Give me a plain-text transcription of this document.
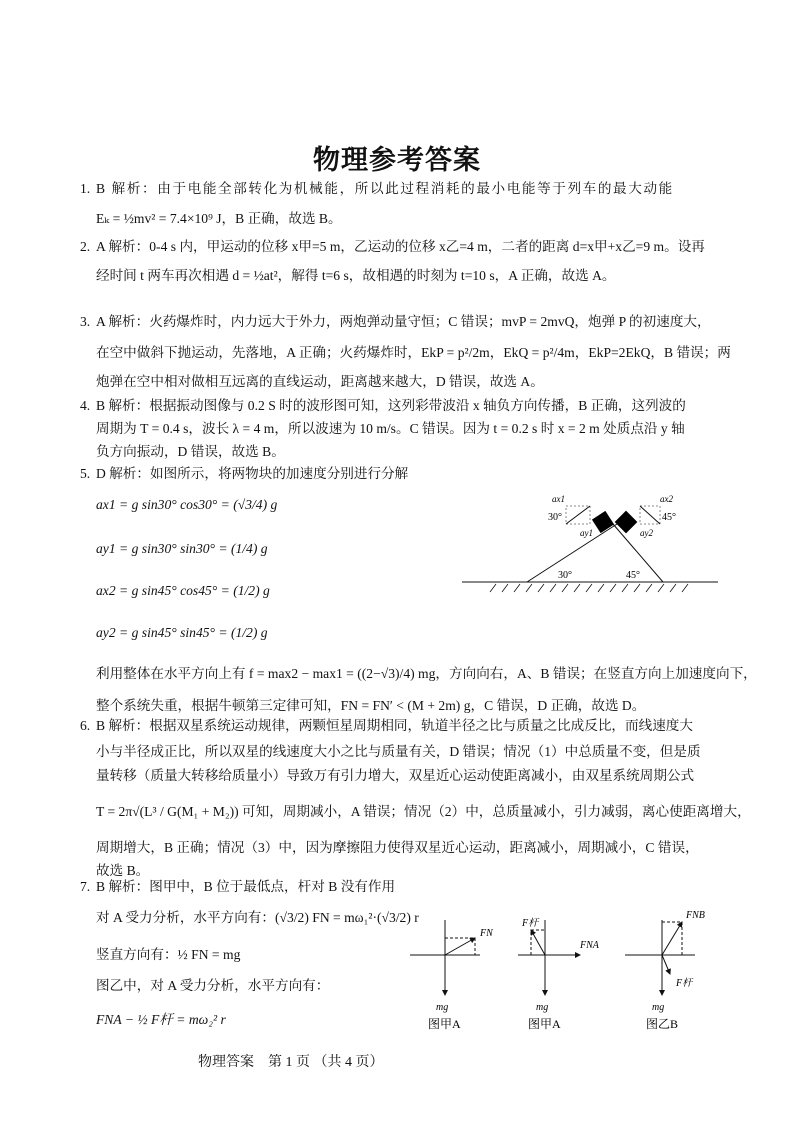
物理参考答案
1. B 解析：由于电能全部转化为机械能，所以此过程消耗的最小电能等于列车的最大动能
Eₖ = ½mv² = 7.4×10⁹ J，B 正确，故选 B。
2. A 解析：0-4 s 内，甲运动的位移 x甲=5 m，乙运动的位移 x乙=4 m，二者的距离 d=x甲+x乙=9 m。设再
经时间 t 两车再次相遇 d = ½at²，解得 t=6 s，故相遇的时刻为 t=10 s，A 正确，故选 A。
3. A 解析：火药爆炸时，内力远大于外力，两炮弹动量守恒；C 错误；mvP = 2mvQ，炮弹 P 的初速度大，
在空中做斜下抛运动，先落地，A 正确；火药爆炸时，EkP = p²/2m，EkQ = p²/4m，EkP=2EkQ，B 错误；两
炮弹在空中相对做相互远离的直线运动，距离越来越大，D 错误，故选 A。
4. B 解析：根据振动图像与 0.2 S 时的波形图可知，这列彩带波沿 x 轴负方向传播，B 正确，这列波的
周期为 T = 0.4 s，波长 λ = 4 m，所以波速为 10 m/s。C 错误。因为 t = 0.2 s 时 x = 2 m 处质点沿 y 轴
负方向振动，D 错误，故选 B。
5. D 解析：如图所示，将两物块的加速度分别进行分解
ax1 = g sin30° cos30° = (√3/4) g
ay1 = g sin30° sin30° = (1/4) g
ax2 = g sin45° cos45° = (1/2) g
ay2 = g sin45° sin45° = (1/2) g
利用整体在水平方向上有 f = max2 − max1 = ((2−√3)/4) mg，方向向右，A、B 错误；在竖直方向上加速度向下，
整个系统失重，根据牛顿第三定律可知，FN = FN′ < (M + 2m) g，C 错误，D 正确，故选 D。
ax1
ay1
30°
ax2
ay2
45°
30°	45°
6. B 解析：根据双星系统运动规律，两颗恒星周期相同，轨道半径之比与质量之比成反比，而线速度大
小与半径成正比，所以双星的线速度大小之比与质量有关，D 错误；情况（1）中总质量不变，但是质
量转移（质量大转移给质量小）导致万有引力增大，双星近心运动使距离减小，由双星系统周期公式
T = 2π√(L³ / G(M₁ + M₂)) 可知，周期减小，A 错误；情况（2）中，总质量减小，引力减弱，离心使距离增大，
周期增大，B 正确；情况（3）中，因为摩擦阻力使得双星近心运动，距离减小，周期减小，C 错误，
故选 B。
7. B 解析：图甲中，B 位于最低点，杆对 B 没有作用
对 A 受力分析，水平方向有：(√3/2) FN = mω₁²·(√3/2) r
竖直方向有：½ FN = mg
图乙中，对 A 受力分析，水平方向有：
FNA − ½ F杆 = mω₂² r
FN
mg
F杆
FNA
mg
FNB
F杆
mg
图甲A	图甲A	图乙B
物理答案　第 1 页 （共 4 页）
